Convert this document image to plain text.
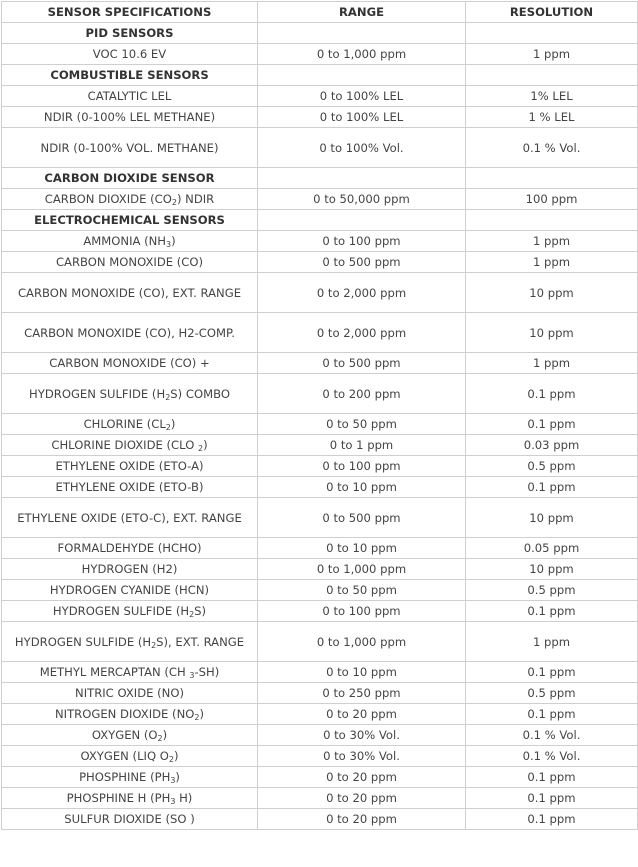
SENSOR SPECIFICATIONS	RANGE	RESOLUTION
PID SENSORS		
VOC 10.6 EV	0 to 1,000 ppm	1 ppm
COMBUSTIBLE SENSORS		
CATALYTIC LEL	0 to 100% LEL	1% LEL
NDIR (0-100% LEL METHANE)	0 to 100% LEL	1 % LEL
NDIR (0-100% VOL. METHANE)	0 to 100% Vol.	0.1 % Vol.
CARBON DIOXIDE SENSOR		
CARBON DIOXIDE $(CO_2)$ NDIR	0 to 50,000 ppm	100 ppm
ELECTROCHEMICAL SENSORS		
AMMONIA $(NH_3)$	0 to 100 ppm	1 ppm
CARBON MONOXIDE (CO)	0 to 500 ppm	1 ppm
CARBON MONOXIDE (CO), EXT. RANGE	0 to 2,000 ppm	10 ppm
CARBON MONOXIDE (CO), H2-COMP.	0 to 2,000 ppm	10 ppm
CARBON MONOXIDE (CO) +	0 to 500 ppm	1 ppm
HYDROGEN SULFIDE $(H_2S)$ COMBO	0 to 200 ppm	0.1 ppm
CHLORINE $(CL_2)$	0 to 50 ppm	0.1 ppm
CHLORINE DIOXIDE (CLO $_2$)	0 to 1 ppm	0.03 ppm
ETHYLENE OXIDE (ETO-A)	0 to 100 ppm	0.5 ppm
ETHYLENE OXIDE (ETO-B)	0 to 10 ppm	0.1 ppm
ETHYLENE OXIDE (ETO-C), EXT. RANGE	0 to 500 ppm	10 ppm
FORMALDEHYDE (HCHO)	0 to 10 ppm	0.05 ppm
HYDROGEN (H2)	0 to 1,000 ppm	10 ppm
HYDROGEN CYANIDE (HCN)	0 to 50 ppm	0.5 ppm
HYDROGEN SULFIDE $(H_2S)$	0 to 100 ppm	0.1 ppm
HYDROGEN SULFIDE $(H_2S)$, EXT. RANGE	0 to 1,000 ppm	1 ppm
METHYL MERCAPTAN (CH $_3$-SH)	0 to 10 ppm	0.1 ppm
NITRIC OXIDE (NO)	0 to 250 ppm	0.5 ppm
NITROGEN DIOXIDE $(NO_2)$	0 to 20 ppm	0.1 ppm
OXYGEN $(O_2)$	0 to 30% Vol.	0.1 % Vol.
OXYGEN (LIQ $O_2$)	0 to 30% Vol.	0.1 % Vol.
PHOSPHINE $(PH_3)$	0 to 20 ppm	0.1 ppm
PHOSPHINE H ($PH_3$ H)	0 to 20 ppm	0.1 ppm
SULFUR DIOXIDE (SO )	0 to 20 ppm	0.1 ppm
